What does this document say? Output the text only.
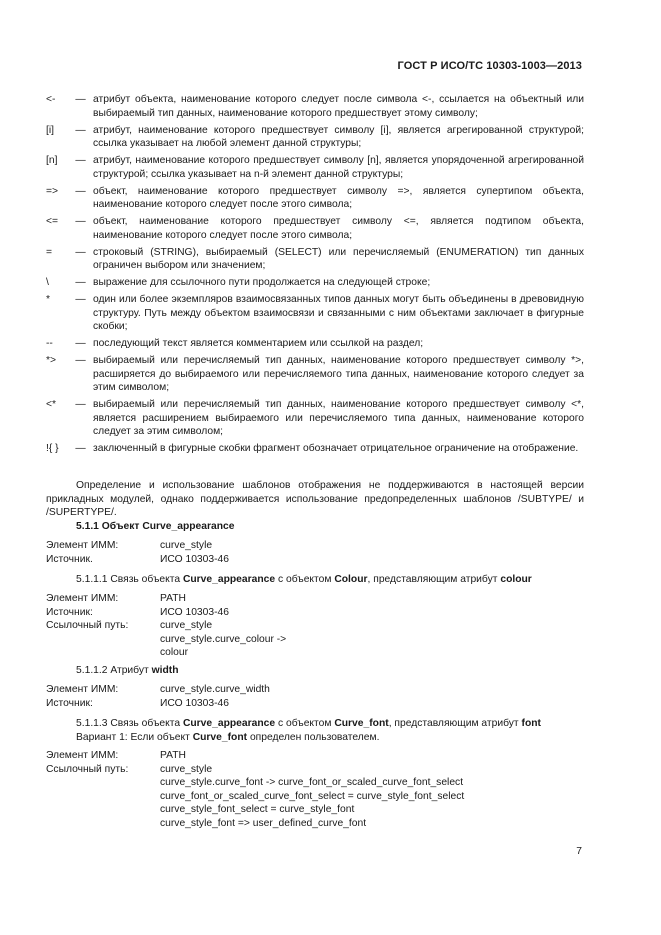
ГОСТ Р ИСО/ТС 10303-1003—2013
<-	— атрибут объекта, наименование которого следует после символа <-, ссылается на объектный или выбираемый тип данных, наименование которого предшествует этому символу;
[i]	— атрибут, наименование которого предшествует символу [i], является агрегированной структурой; ссылка указывает на любой элемент данной структуры;
[n]	— атрибут, наименование которого предшествует символу [n], является упорядоченной агрегированной структурой; ссылка указывает на n-й элемент данной структуры;
=>	— объект, наименование которого предшествует символу =>, является супертипом объекта, наименование которого следует после этого символа;
<=	— объект, наименование которого предшествует символу <=, является подтипом объекта, наименование которого следует после этого символа;
=	— строковый (STRING), выбираемый (SELECT) или перечисляемый (ENUMERATION) тип данных ограничен выбором или значением;
\	— выражение для ссылочного пути продолжается на следующей строке;
*	— один или более экземпляров взаимосвязанных типов данных могут быть объединены в древовидную структуру. Путь между объектом взаимосвязи и связанными с ним объектами заключает в фигурные скобки;
--	— последующий текст является комментарием или ссылкой на раздел;
*>	— выбираемый или перечисляемый тип данных, наименование которого предшествует символу *>, расширяется до выбираемого или перечисляемого типа данных, наименование которого следует за этим символом;
<*	— выбираемый или перечисляемый тип данных, наименование которого предшествует символу <*, является расширением выбираемого или перечисляемого типа данных, наименование которого следует за этим символом;
!{ }	— заключенный в фигурные скобки фрагмент обозначает отрицательное ограничение на отображение.
Определение и использование шаблонов отображения не поддерживаются в настоящей версии прикладных модулей, однако поддерживается использование предопределенных шаблонов /SUBTYPE/ и /SUPERTYPE/.
5.1.1 Объект Curve_appearance
Элемент ИММ:	curve_style
Источник.	ИСО 10303-46
5.1.1.1 Связь объекта Curve_appearance с объектом Colour, представляющим атрибут colour
Элемент ИММ:	PATH
Источник:	ИСО 10303-46
Ссылочный путь:	curve_style
curve_style.curve_colour ->
colour
5.1.1.2 Атрибут width
Элемент ИММ:	curve_style.curve_width
Источник:	ИСО 10303-46
5.1.1.3 Связь объекта Curve_appearance с объектом Curve_font, представляющим атрибут font
Вариант 1: Если объект Curve_font определен пользователем.
Элемент ИММ:	PATH
Ссылочный путь:	curve_style
curve_style.curve_font -> curve_font_or_scaled_curve_font_select
curve_font_or_scaled_curve_font_select = curve_style_font_select
curve_style_font_select = curve_style_font
curve_style_font => user_defined_curve_font
7
